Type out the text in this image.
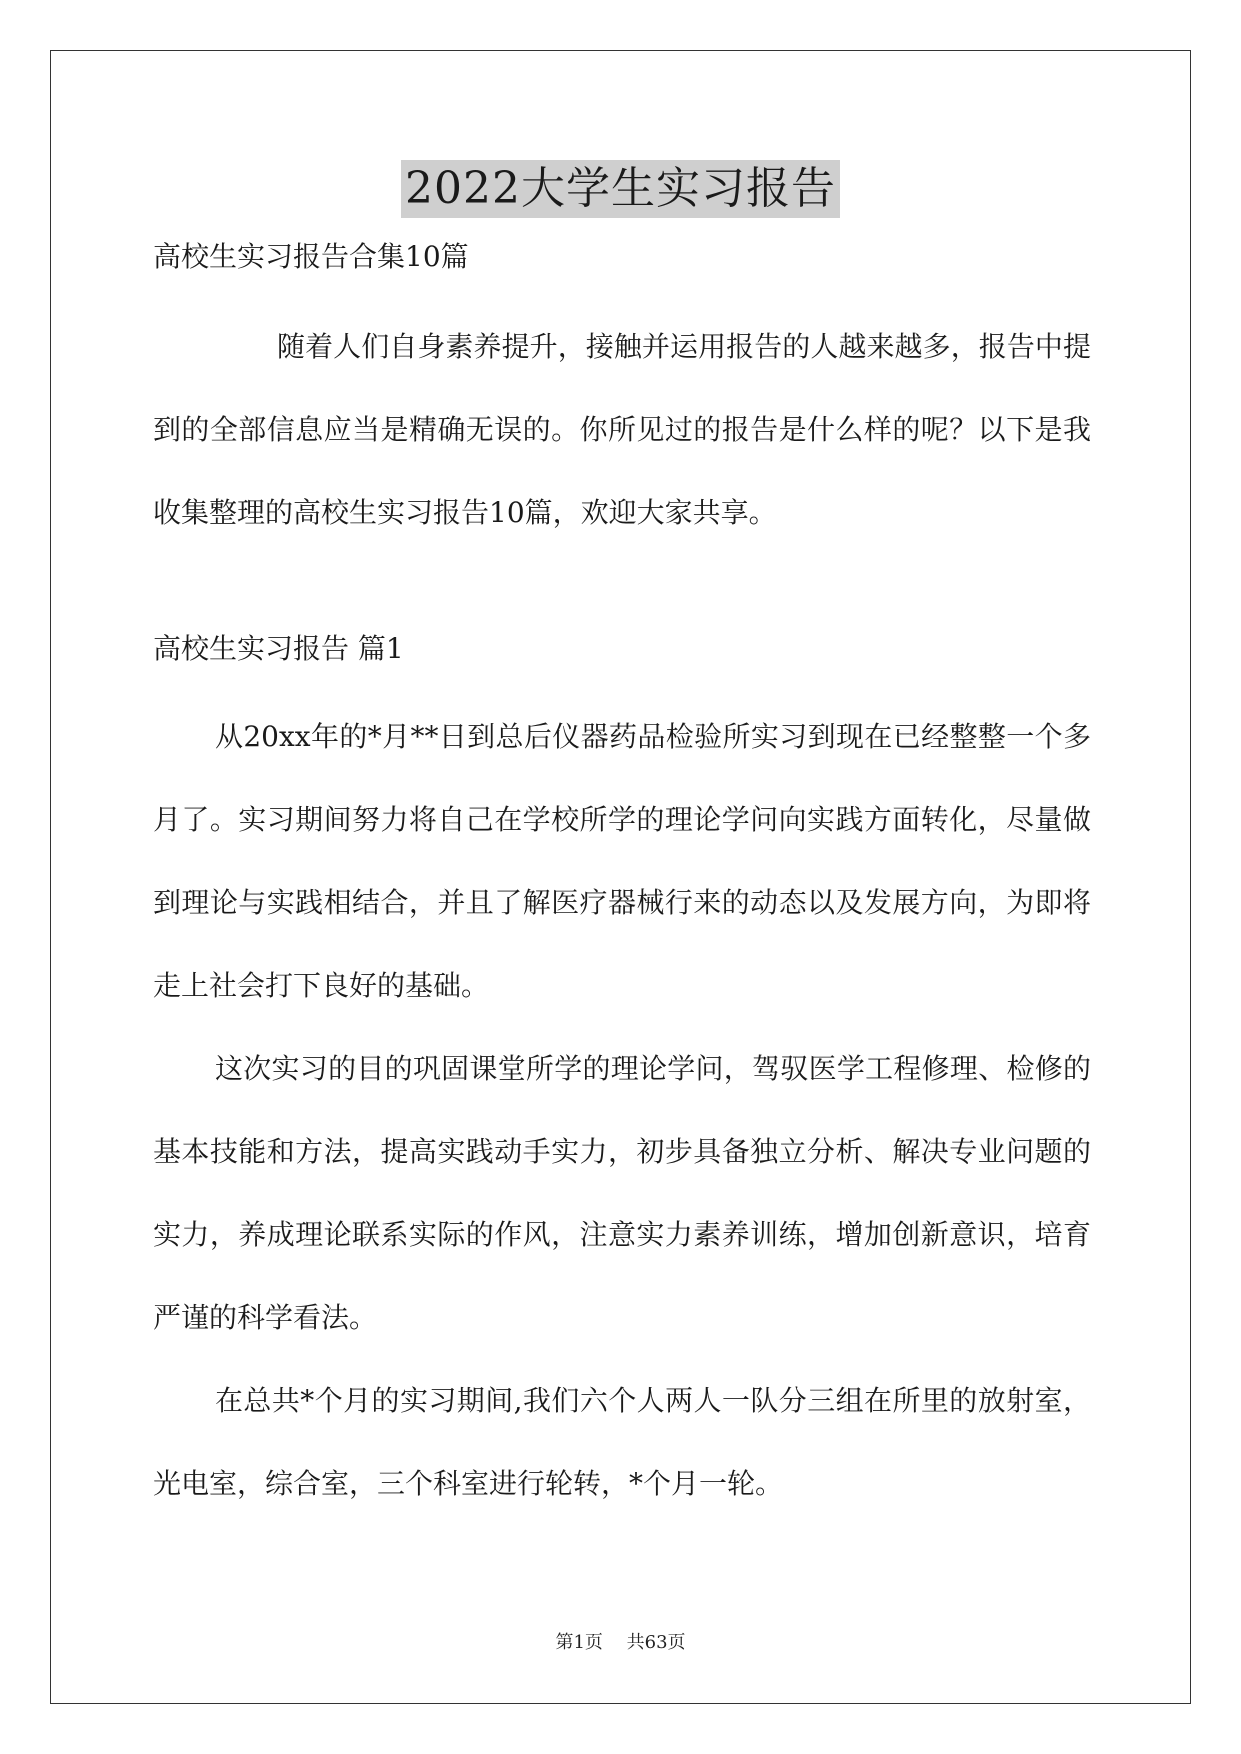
2022大学生实习报告

高校生实习报告合集10篇

随着人们自身素养提升，接触并运用报告的人越来越多，报告中提到的全部信息应当是精确无误的。你所见过的报告是什么样的呢？以下是我收集整理的高校生实习报告10篇，欢迎大家共享。

高校生实习报告 篇1

从20xx年的*月**日到总后仪器药品检验所实习到现在已经整整一个多月了。实习期间努力将自己在学校所学的理论学问向实践方面转化，尽量做到理论与实践相结合，并且了解医疗器械行来的动态以及发展方向，为即将走上社会打下良好的基础。

这次实习的目的巩固课堂所学的理论学问，驾驭医学工程修理、检修的基本技能和方法，提高实践动手实力，初步具备独立分析、解决专业问题的实力，养成理论联系实际的作风，注意实力素养训练，增加创新意识，培育严谨的科学看法。

在总共*个月的实习期间,我们六个人两人一队分三组在所里的放射室，光电室，综合室，三个科室进行轮转，*个月一轮。

第1页 共63页
